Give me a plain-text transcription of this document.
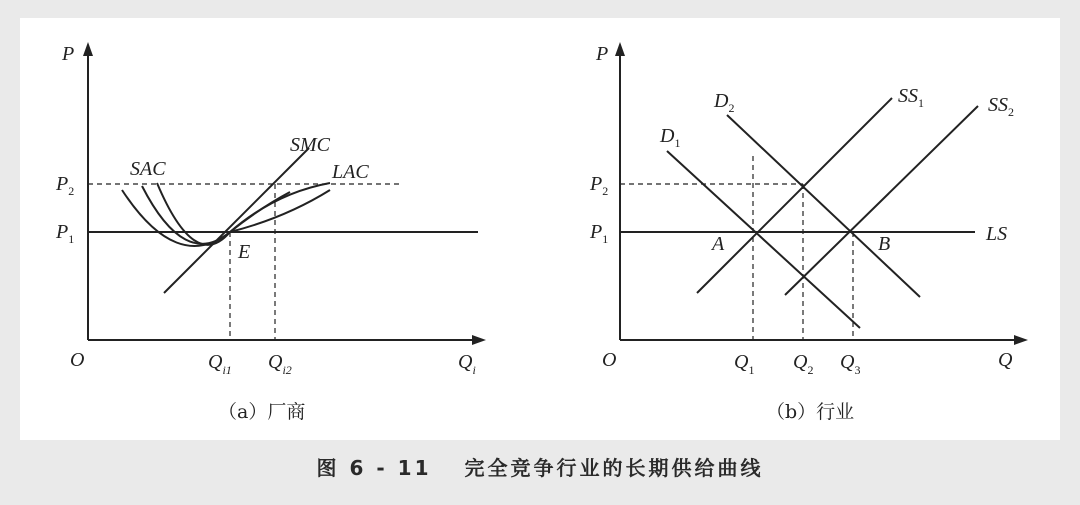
P
O
$P_2$
$P_1$
$Q_{i1}$ $Q_{i2}$	$Q_i$
SAC
SMC
LAC
E
（a）厂商
P
O	Q
$P_2$
$P_1$
$Q_1$ $Q_2$ $Q_3$
$D_1$
$D_2$
$SS_1$	$SS_2$
LS
A	B
（b）行业
图 6 - 11　 完全竞争行业的长期供给曲线
